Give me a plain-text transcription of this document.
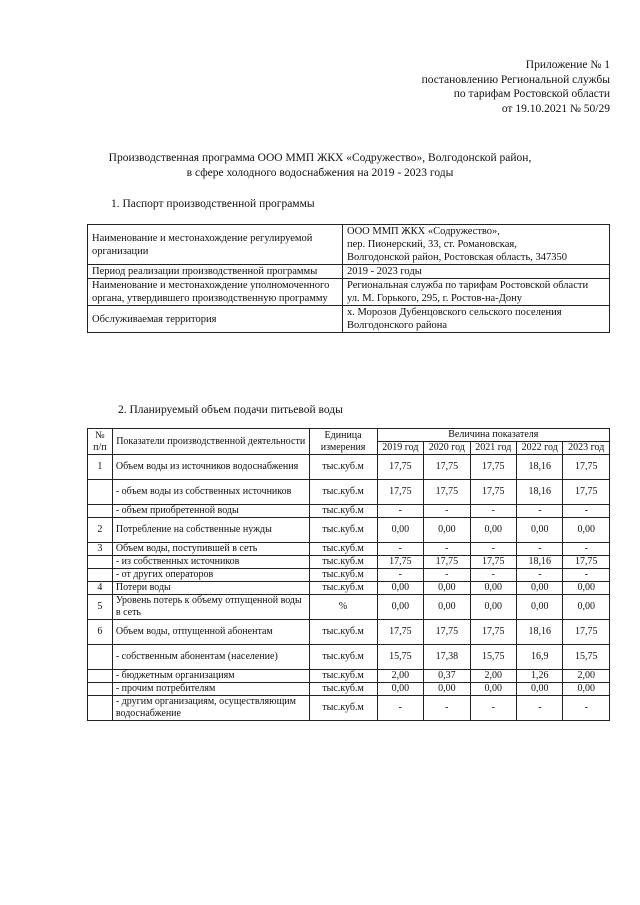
Приложение № 1
постановлению Региональной службы
по тарифам Ростовской области
от 19.10.2021 № 50/29
Производственная программа ООО ММП ЖКХ «Содружество», Волгодонской район,
в сфере холодного водоснабжения на 2019 - 2023 годы
1. Паспорт производственной программы
Наименование и местонахождение регулируемой организации	ООО ММП ЖКХ «Содружество»,
пер. Пионерский, 33, ст. Романовская,
Волгодонской район, Ростовская область, 347350

Период реализации производственной программы	2019 - 2023 годы

Наименование и местонахождение уполномоченного органа, утвердившего производственную программу	Региональная служба по тарифам Ростовской области
ул. М. Горького, 295, г. Ростов-на-Дону

Обслуживаемая территория	х. Морозов Дубенцовского сельского поселения Волгодонского района
2. Планируемый объем подачи питьевой воды
№ п/п	Показатели производственной деятельности	Единица измерения	Величина показателя				
			2019 год	2020 год	2021 год	2022 год	2023 год
1	Объем воды из источников водоснабжения	тыс.куб.м	17,75	17,75	17,75	18,16	17,75
	- объем воды из собственных источников	тыс.куб.м	17,75	17,75	17,75	18,16	17,75
	- объем приобретенной воды	тыс.куб.м	-	-	-	-	-
2	Потребление на собственные нужды	тыс.куб.м	0,00	0,00	0,00	0,00	0,00
3	Объем воды, поступившей в сеть	тыс.куб.м	-	-	-	-	-
	- из собственных источников	тыс.куб.м	17,75	17,75	17,75	18,16	17,75
	- от других операторов	тыс.куб.м	-	-	-	-	-
4	Потери воды	тыс.куб.м	0,00	0,00	0,00	0,00	0,00
5	Уровень потерь к объему отпущенной воды в сеть	%	0,00	0,00	0,00	0,00	0,00
6	Объем воды, отпущенной абонентам	тыс.куб.м	17,75	17,75	17,75	18,16	17,75
	- собственным абонентам (население)	тыс.куб.м	15,75	17,38	15,75	16,9	15,75
	- бюджетным организациям	тыс.куб.м	2,00	0,37	2,00	1,26	2,00
	- прочим потребителям	тыс.куб.м	0,00	0,00	0,00	0,00	0,00
	- другим организациям, осуществляющим водоснабжение	тыс.куб.м	-	-	-	-	-
